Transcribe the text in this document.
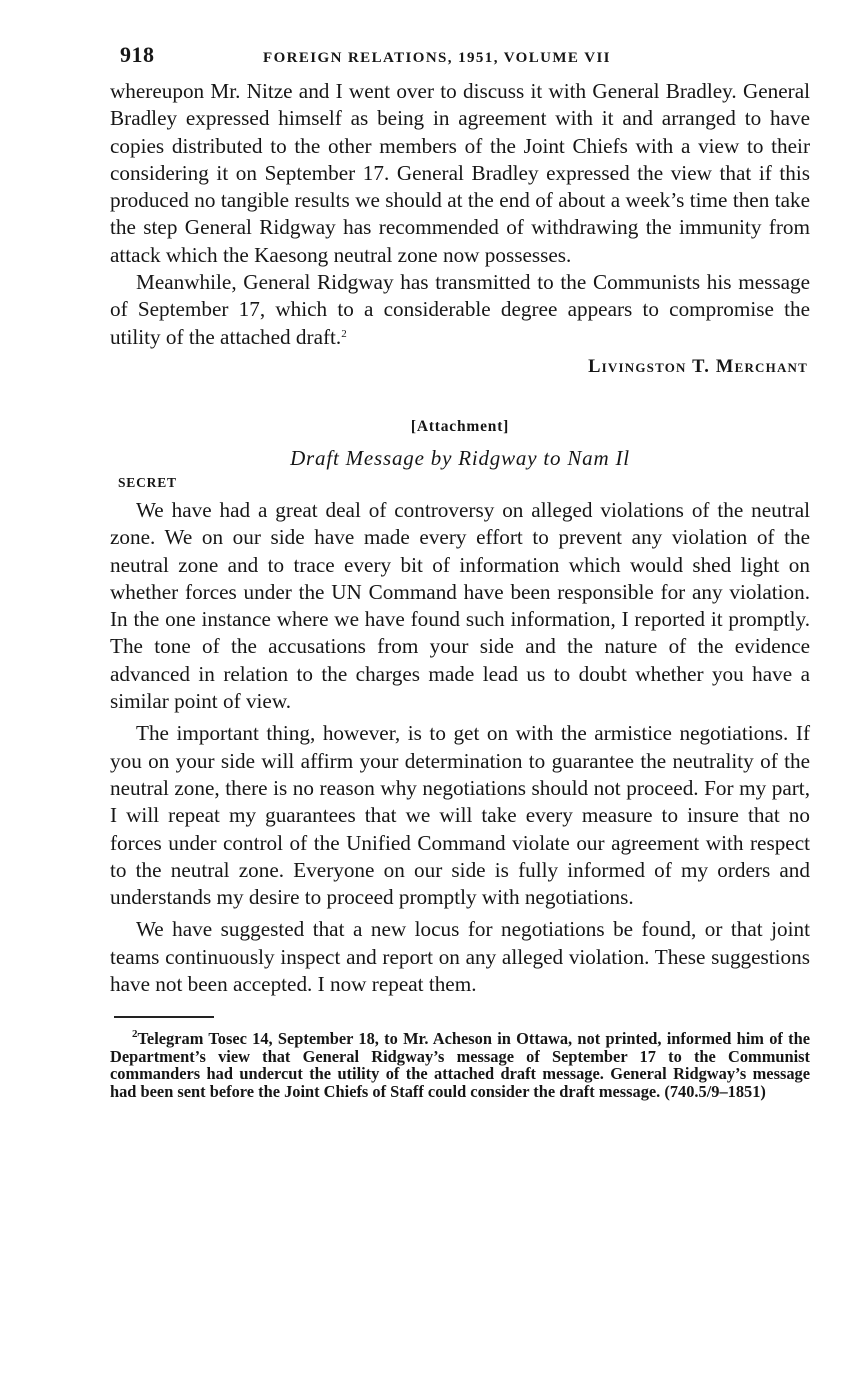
918	FOREIGN RELATIONS, 1951, VOLUME VII

whereupon Mr. Nitze and I went over to discuss it with General Bradley. General Bradley expressed himself as being in agreement with it and arranged to have copies distributed to the other members of the Joint Chiefs with a view to their considering it on September 17. General Bradley expressed the view that if this produced no tangible results we should at the end of about a week’s time then take the step General Ridgway has recommended of withdrawing the immunity from attack which the Kaesong neutral zone now possesses.

Meanwhile, General Ridgway has transmitted to the Communists his message of September 17, which to a considerable degree appears to compromise the utility of the attached draft.$^2$

Livingston T. Merchant
[Attachment]
Draft Message by Ridgway to Nam Il
SECRET

We have had a great deal of controversy on alleged violations of the neutral zone. We on our side have made every effort to prevent any violation of the neutral zone and to trace every bit of information which would shed light on whether forces under the UN Command have been responsible for any violation. In the one instance where we have found such information, I reported it promptly. The tone of the accusations from your side and the nature of the evidence advanced in relation to the charges made lead us to doubt whether you have a similar point of view.

The important thing, however, is to get on with the armistice negotiations. If you on your side will affirm your determination to guarantee the neutrality of the neutral zone, there is no reason why negotiations should not proceed. For my part, I will repeat my guarantees that we will take every measure to insure that no forces under control of the Unified Command violate our agreement with respect to the neutral zone. Everyone on our side is fully informed of my orders and understands my desire to proceed promptly with negotiations.

We have suggested that a new locus for negotiations be found, or that joint teams continuously inspect and report on any alleged violation. These suggestions have not been accepted. I now repeat them.

$^2$Telegram Tosec 14, September 18, to Mr. Acheson in Ottawa, not printed, informed him of the Department’s view that General Ridgway’s message of September 17 to the Communist commanders had undercut the utility of the attached draft message. General Ridgway’s message had been sent before the Joint Chiefs of Staff could consider the draft message. (740.5/9–1851)
